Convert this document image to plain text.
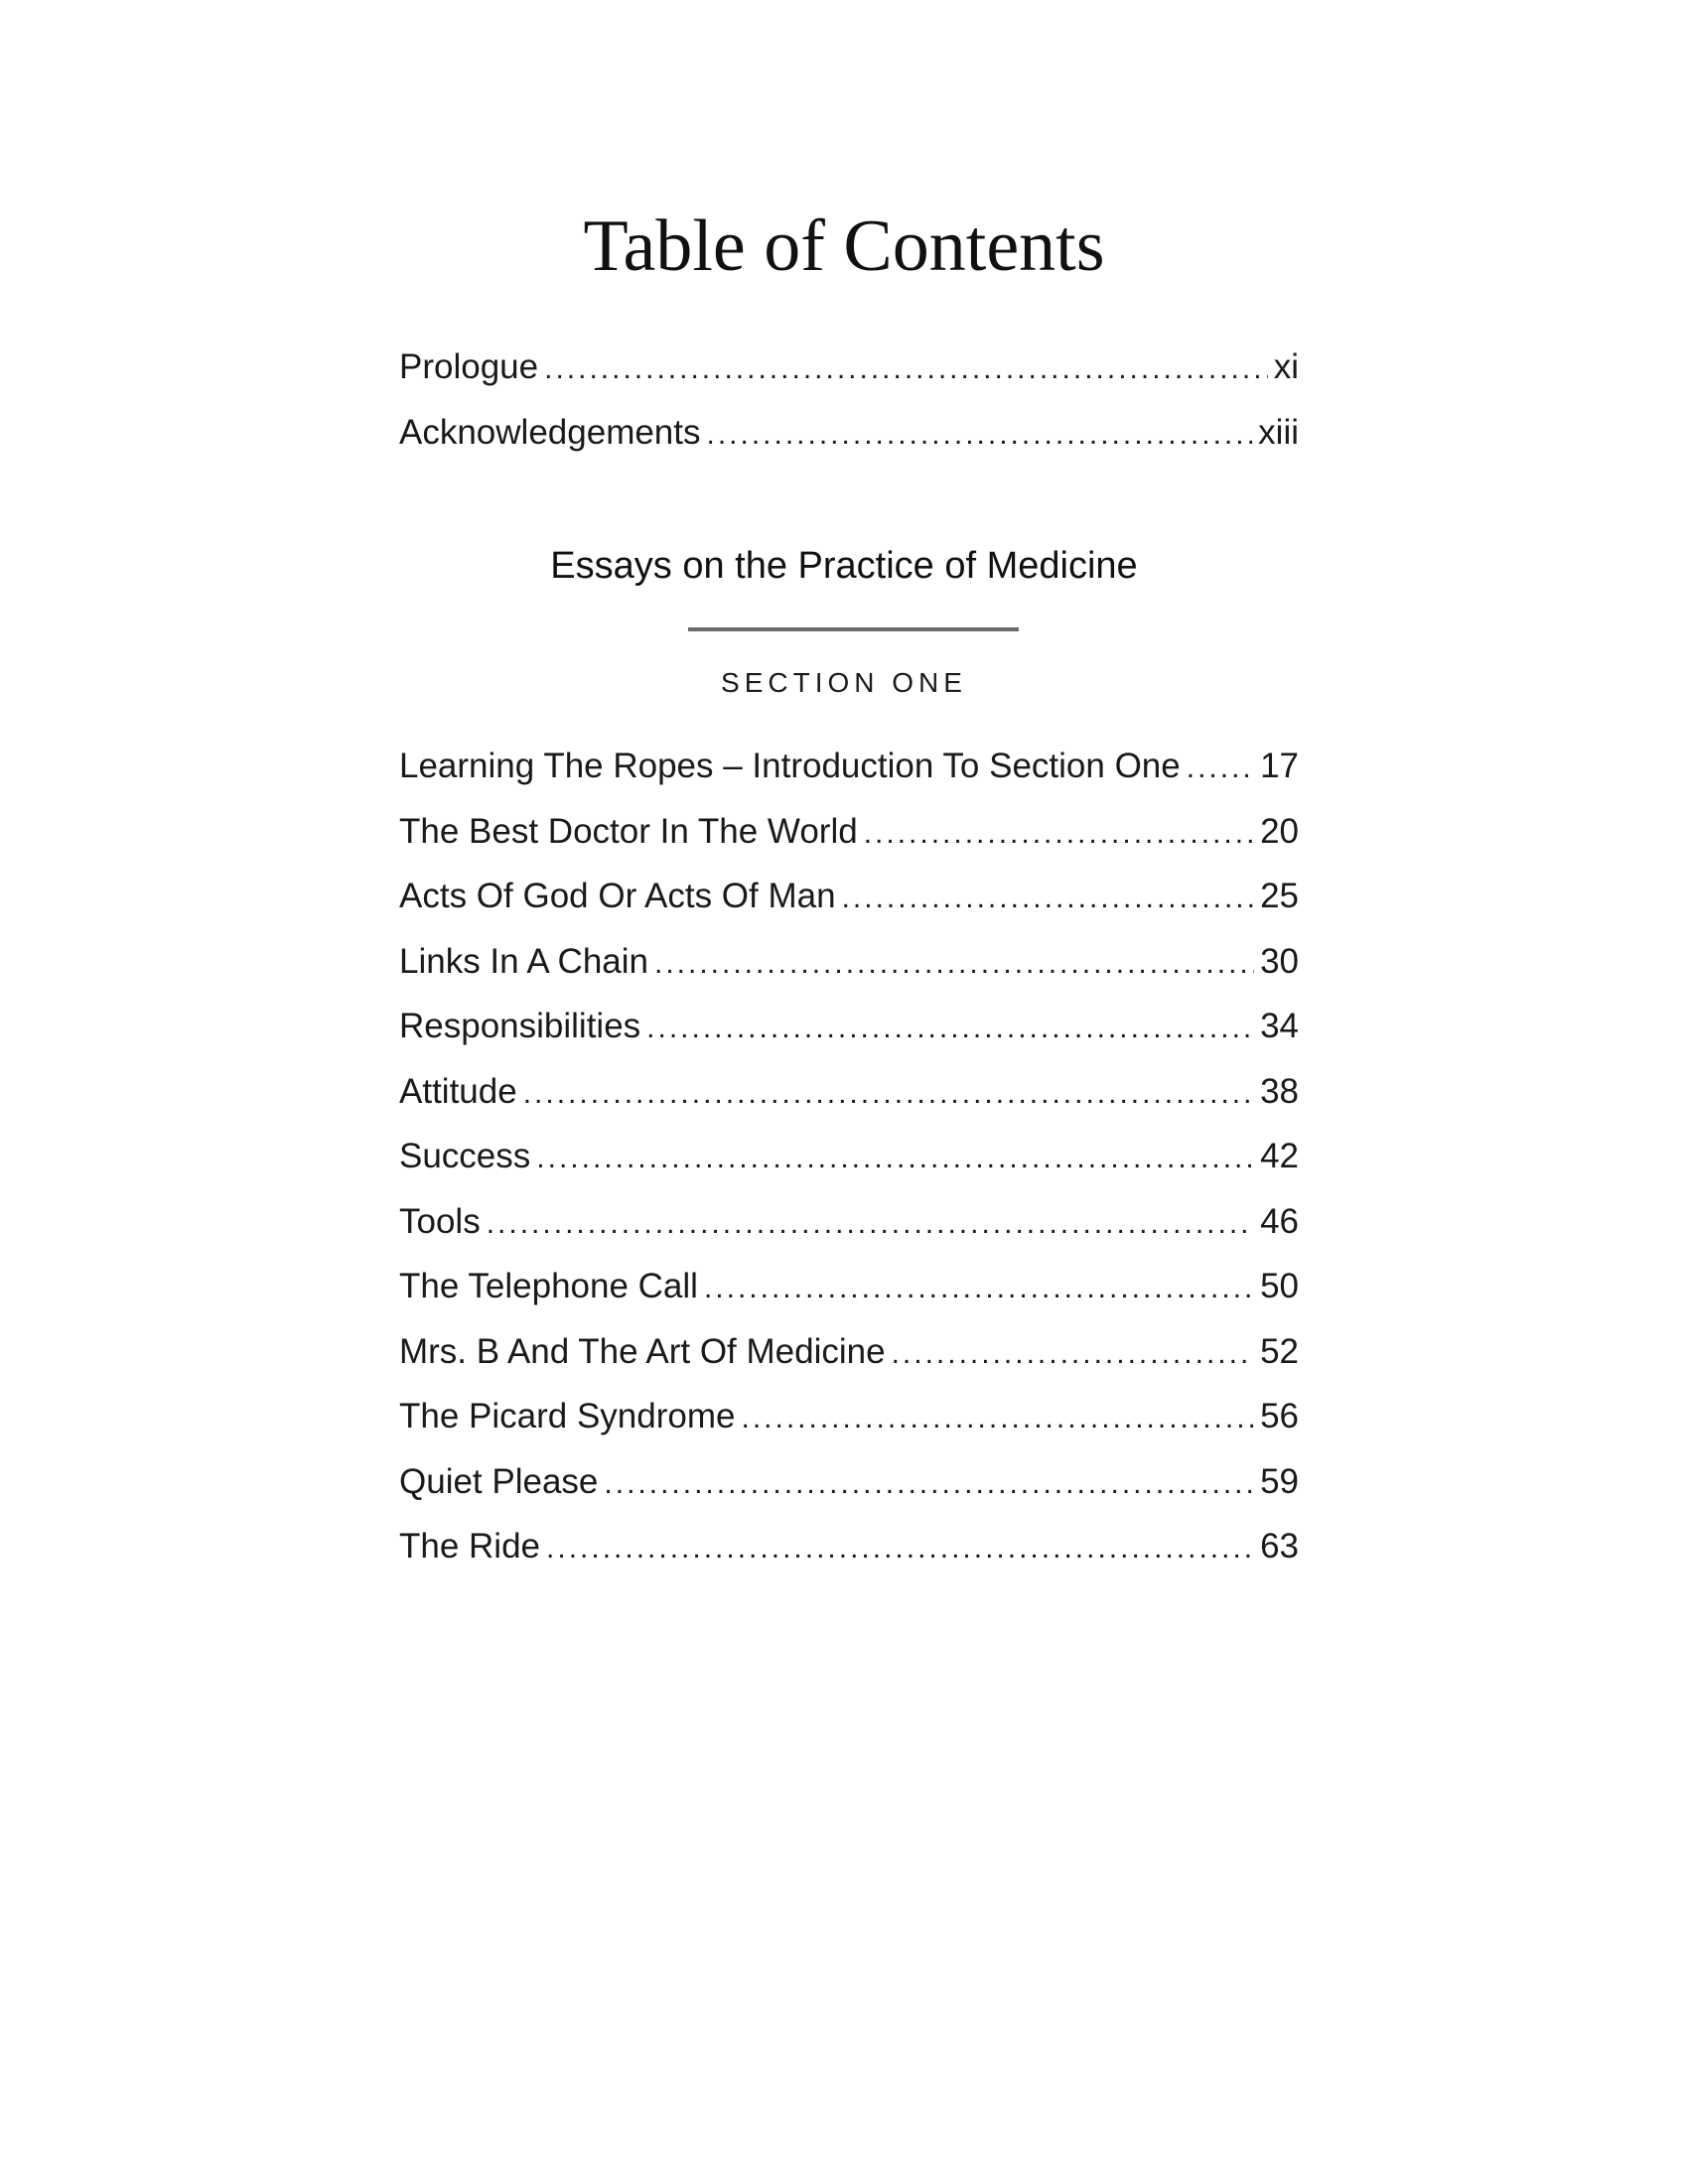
Table of Contents
Prologue .....	xi
Acknowledgements .....	xiii
Essays on the Practice of Medicine
SECTION ONE
Learning The Ropes – Introduction To Section One ..... 17
The Best Doctor In The World .....	20
Acts Of God Or Acts Of Man .....	25
Links In A Chain .....	30
Responsibilities .....	34
Attitude .....	38
Success .....	42
Tools .....	46
The Telephone Call .....	50
Mrs. B And The Art Of Medicine .....	52
The Picard Syndrome .....	56
Quiet Please .....	59
The Ride .....	63
